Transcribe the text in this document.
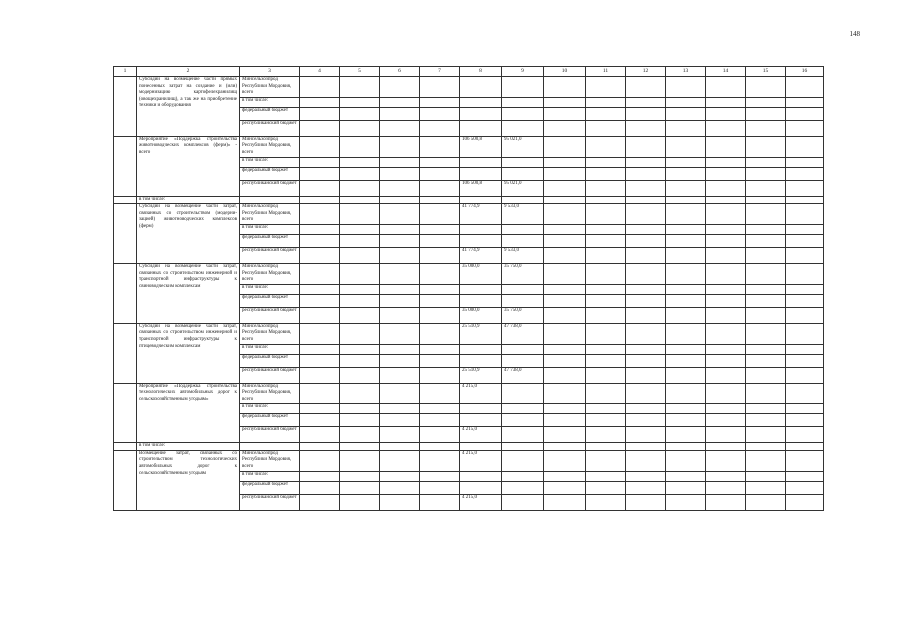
148
1	2	3	4	5	6	7	8	9	10	11	12	13	14	15	16
	Субсидии на возмещение части прямых понесенных затрат на создание и (или) модернизацию картофелехранилищ (овощехранилищ), а так же на приобретение техники и оборудования	Минсельхозпрод Республики Мордовия, всего													
		в том числе:													
		федеральный бюджет													
		республиканский бюджет													
	Мероприятие «Поддержка строительства животноводческих комплексов (ферм)» - всего	Минсельхозпрод Республики Мордовия, всего					106 500,8	95 021,0							
		в том числе:													
		федеральный бюджет													
		республиканский бюджет					106 500,8	95 021,0							
	в том числе:														
	Субсидии на возмещение части затрат, связанных со строительством (модерни-зацией) животноводческих комплексов (ферм)	Минсельхозпрод Республики Мордовия, всего					41 774,9	9 533,0							
		в том числе:													
		федеральный бюджет													
		республиканский бюджет					41 774,9	9 533,0							
	Субсидии на возмещение части затрат, связанных со строительством инженерной и транспортной инфраструктуры к свиноводческим комплексам	Минсельхозпрод Республики Мордовия, всего					35 000,0	35 750,0							
		в том числе:													
		федеральный бюджет													
		республиканский бюджет					35 000,0	35 750,0							
	Субсидии на возмещение части затрат, связанных со строительством инженерной и транспортной инфраструктуры к птицеводческим комплексам	Минсельхозпрод Республики Мордовия, всего					25 510,9	47 738,0							
		в том числе:													
		федеральный бюджет													
		республиканский бюджет					25 510,9	47 738,0							
	Мероприятие «Поддержка строительства технологических автомобильных дорог к сельскохозяйственным угодьям»	Минсельхозпрод Республики Мордовия, всего					4 215,0								
		в том числе:													
		федеральный бюджет													
		республиканский бюджет					4 215,0								
	в том числе:														
	Возмещение затрат, связанных со строительством технологических автомобильных дорог к сельскохозяйственным угодьям	Минсельхозпрод Республики Мордовия, всего					4 215,0								
		в том числе:													
		федеральный бюджет													
		республиканский бюджет					4 215,0								
